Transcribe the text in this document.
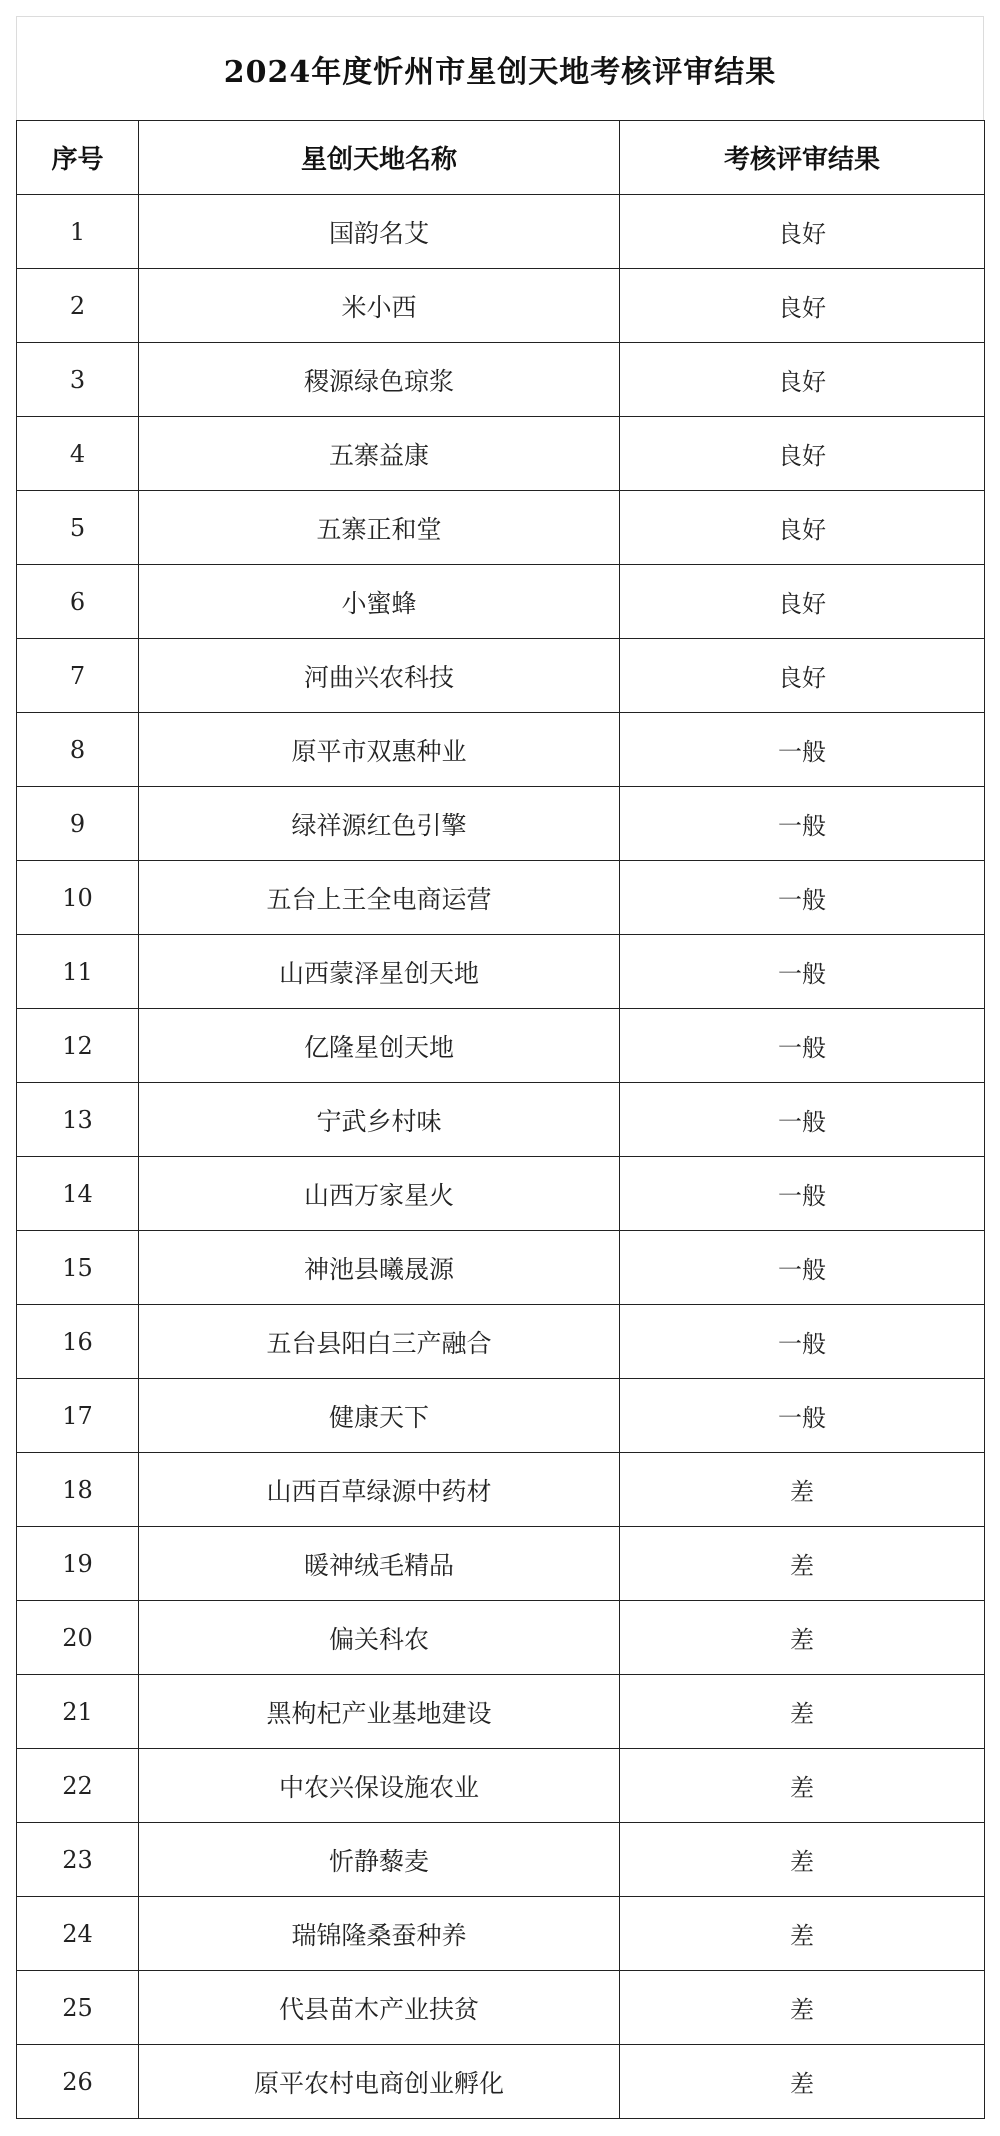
2024年度忻州市星创天地考核评审结果
序号	星创天地名称	考核评审结果
1	国韵名艾	良好
2	米小西	良好
3	稷源绿色琼浆	良好
4	五寨益康	良好
5	五寨正和堂	良好
6	小蜜蜂	良好
7	河曲兴农科技	良好
8	原平市双惠种业	一般
9	绿祥源红色引擎	一般
10	五台上王全电商运营	一般
11	山西蒙泽星创天地	一般
12	亿隆星创天地	一般
13	宁武乡村味	一般
14	山西万家星火	一般
15	神池县曦晟源	一般
16	五台县阳白三产融合	一般
17	健康天下	一般
18	山西百草绿源中药材	差
19	暖神绒毛精品	差
20	偏关科农	差
21	黑枸杞产业基地建设	差
22	中农兴保设施农业	差
23	忻静藜麦	差
24	瑞锦隆桑蚕种养	差
25	代县苗木产业扶贫	差
26	原平农村电商创业孵化	差
